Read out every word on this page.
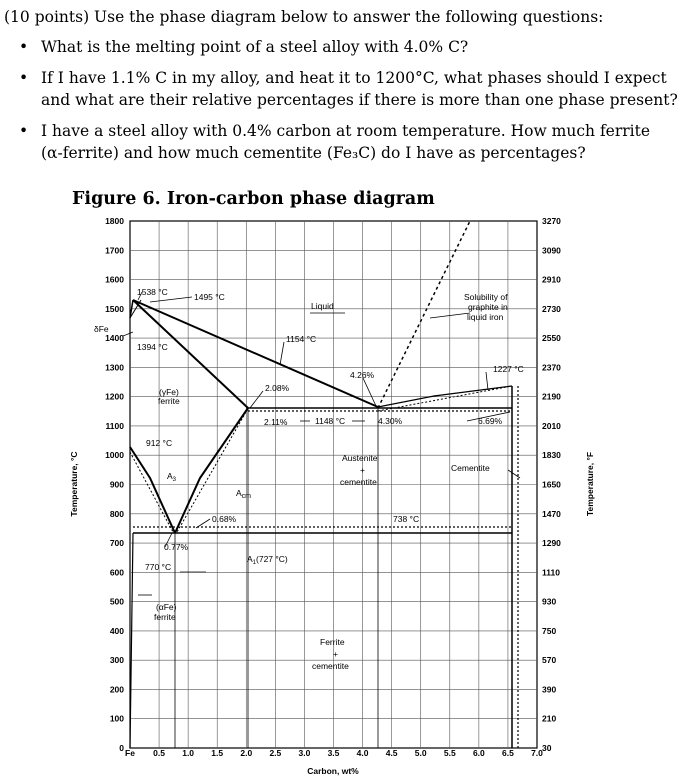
(10 points) Use the phase diagram below to answer the following questions:
• What is the melting point of a steel alloy with 4.0% C?
• If I have 1.1% C in my alloy, and heat it to 1200°C, what phases should I expect
and what are their relative percentages if there is more than one phase present?
• I have a steel alloy with 0.4% carbon at room temperature. How much ferrite
(α-ferrite) and how much cementite (Fe₃C) do I have as percentages?
Figure 6. Iron-carbon phase diagram
Fe 0.5 1.0 1.5 2.0 2.5 3.0 3.5 4.0 4.5 5.0 5.5 6.0 6.5 7.0
0
100
200
300
400
500
600
700
800
900
1000
1100
1200
1300
1400
1500
1600
1700
1800
30
210
390
570
750
930
1110
1290
1470
1650
1830
2010
2190
2370
2550
2730
2910
3090
3270
Carbon, wt%
Temperature, °C	Temperature, °F
Liquid
1538 °C	1495 °C
δFe
1394 °C
1154 °C
(γFe)
ferrite
2.08%
4.26%
2.11%	1148 °C	4.30%	6.69%
1227 °C
Solubility of
graphite in
liquid iron
912 °C
$A_3$
$A_{cm}$
Austenite
+
cementite
Cementite
0.68%	738 °C
0.77%
$A_1(727$ °C)
770 °C
(αFe)
ferrite
Ferrite
+
cementite
